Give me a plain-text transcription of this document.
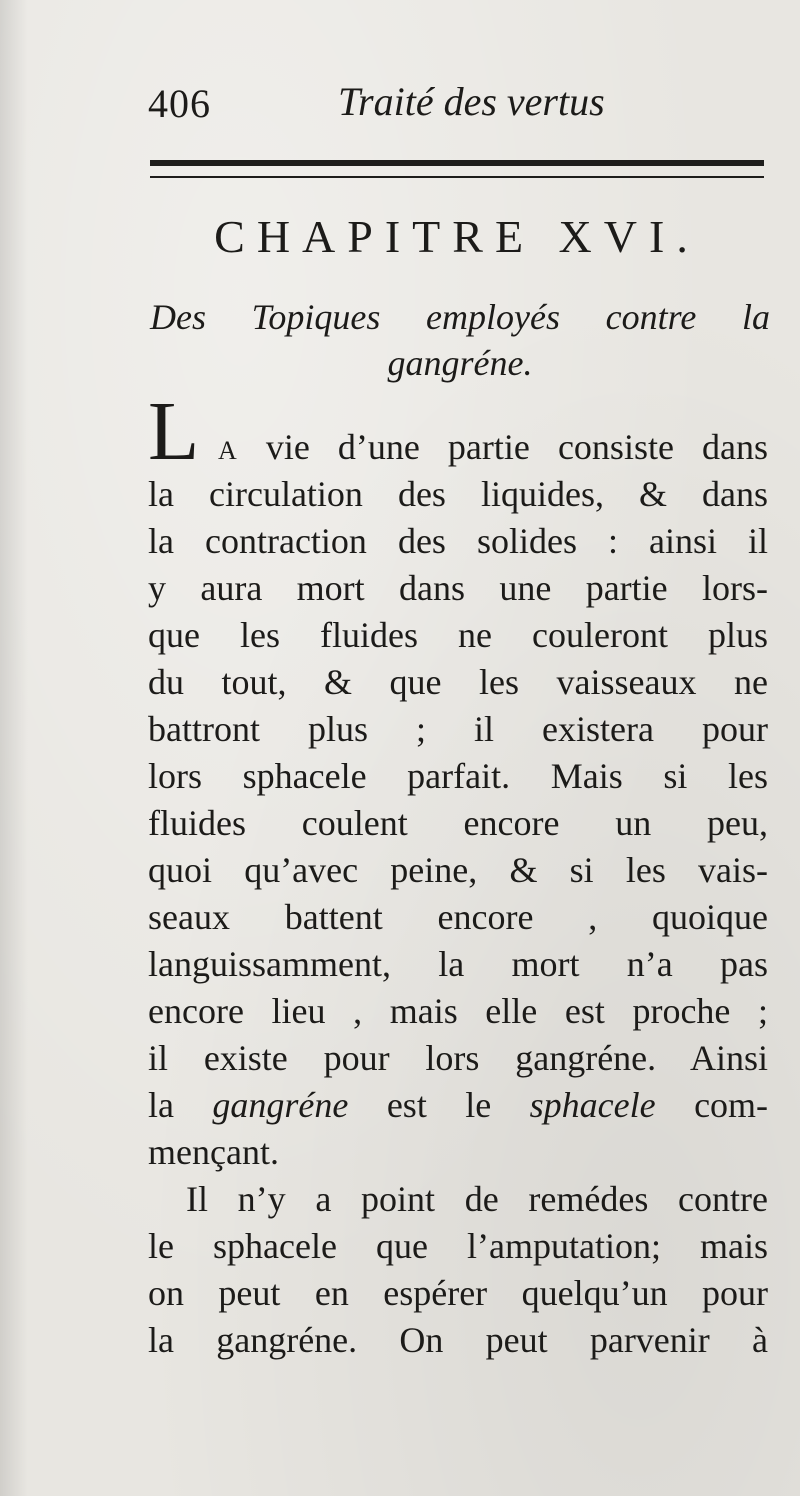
406	Traité des vertus
CHAPITRE XVI.
Des Topiques employés contre la
gangréne.
L A vie d’une partie consiste dans
la circulation des liquides, & dans
la contraction des solides : ainsi il
y aura mort dans une partie lors-
que les fluides ne couleront plus
du tout, & que les vaisseaux ne
battront plus ; il existera pour
lors sphacele parfait. Mais si les
fluides coulent encore un peu,
quoi qu’avec peine, & si les vais-
seaux battent encore , quoique
languissamment, la mort n’a pas
encore lieu , mais elle est proche ;
il existe pour lors gangréne. Ainsi
la gangréne est le sphacele com-
mençant.
Il n’y a point de remédes contre
le sphacele que l’amputation; mais
on peut en espérer quelqu’un pour
la gangréne. On peut parvenir à
